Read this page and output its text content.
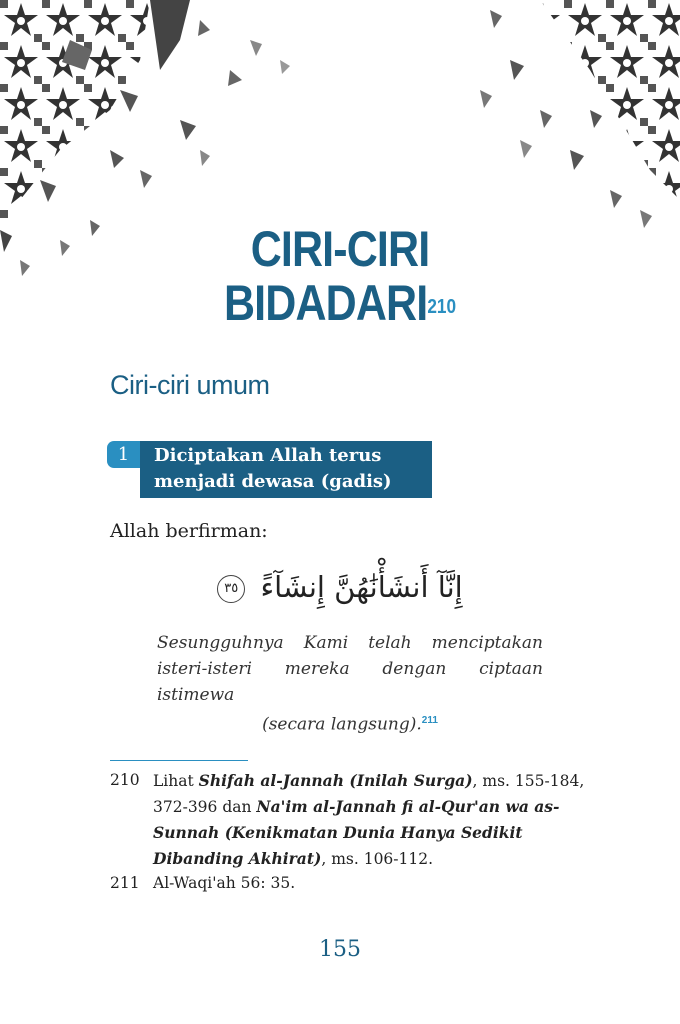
CIRI-CIRI
BIDADARI$^{210}$
Ciri-ciri umum
1	Diciptakan Allah terus
menjadi dewasa (gadis)
Allah berfirman:
إِنَّآ أَنشَأْنَٰهُنَّ إِنشَآءً ٣٥
Sesungguhnya Kami telah menciptakan
isteri-isteri mereka dengan ciptaan istimewa
(secara langsung).$^{211}$
210 Lihat Shifah al-Jannah (Inilah Surga), ms. 155-184, 372-396 dan Na'im al-Jannah fi al-Qur'an wa as-Sunnah (Kenikmatan Dunia Hanya Sedikit Dibanding Akhirat), ms. 106-112.
211 Al-Waqi'ah 56: 35.
155
